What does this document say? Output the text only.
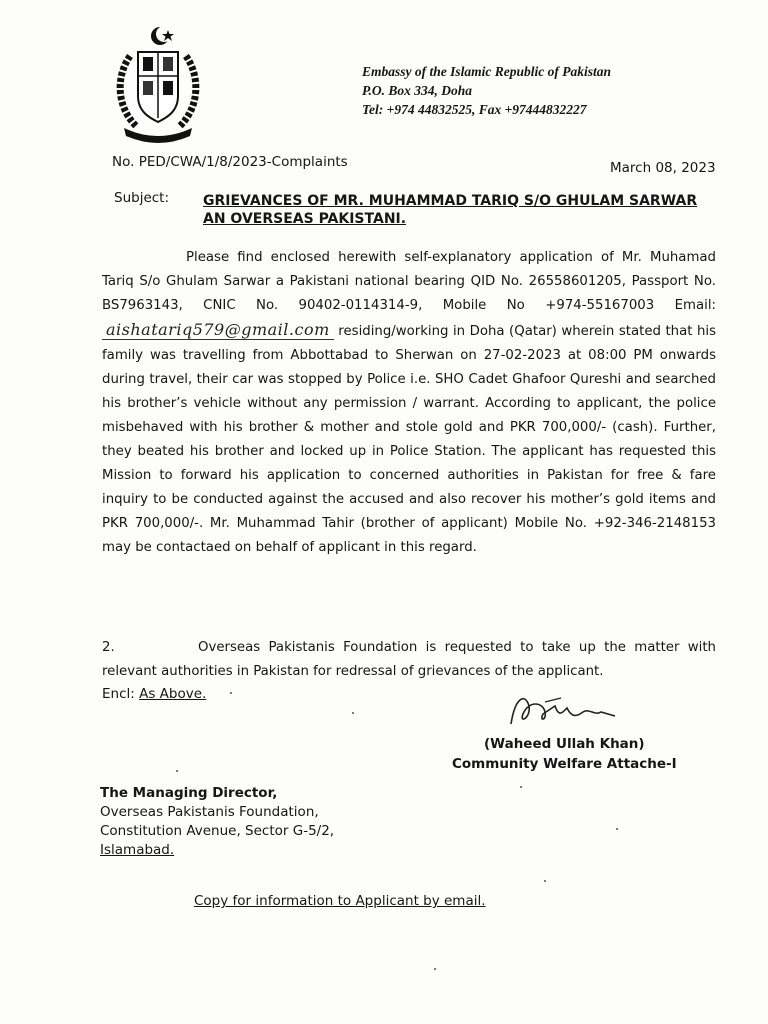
Embassy of the Islamic Republic of Pakistan
P.O. Box 334, Doha
Tel: +974 44832525, Fax +97444832227
No. PED/CWA/1/8/2023-Complaints	March 08, 2023
Subject: GRIEVANCES OF MR. MUHAMMAD TARIQ S/O GHULAM SARWAR
AN OVERSEAS PAKISTANI.

Please find enclosed herewith self-explanatory application of Mr. Muhamad Tariq S/o Ghulam Sarwar a Pakistani national bearing QID No. 26558601205, Passport No. BS7963143, CNIC No. 90402-0114314-9, Mobile No +974-55167003 Email: aishatariq579@gmail.com residing/working in Doha (Qatar) wherein stated that his family was travelling from Abbottabad to Sherwan on 27-02-2023 at 08:00 PM onwards during travel, their car was stopped by Police i.e. SHO Cadet Ghafoor Qureshi and searched his brother’s vehicle without any permission / warrant. According to applicant, the police misbehaved with his brother & mother and stole gold and PKR 700,000/- (cash). Further, they beated his brother and locked up in Police Station. The applicant has requested this Mission to forward his application to concerned authorities in Pakistan for free & fare inquiry to be conducted against the accused and also recover his mother’s gold items and PKR 700,000/-. Mr. Muhammad Tahir (brother of applicant) Mobile No. +92-346-2148153 may be contactaed on behalf of applicant in this regard.

2.	Overseas Pakistanis Foundation is requested to take up the matter with relevant authorities in Pakistan for redressal of grievances of the applicant.

Encl: As Above.
(Waheed Ullah Khan)
Community Welfare Attache-I
The Managing Director,
Overseas Pakistanis Foundation,
Constitution Avenue, Sector G-5/2,
Islamabad.
Copy for information to Applicant by email.
